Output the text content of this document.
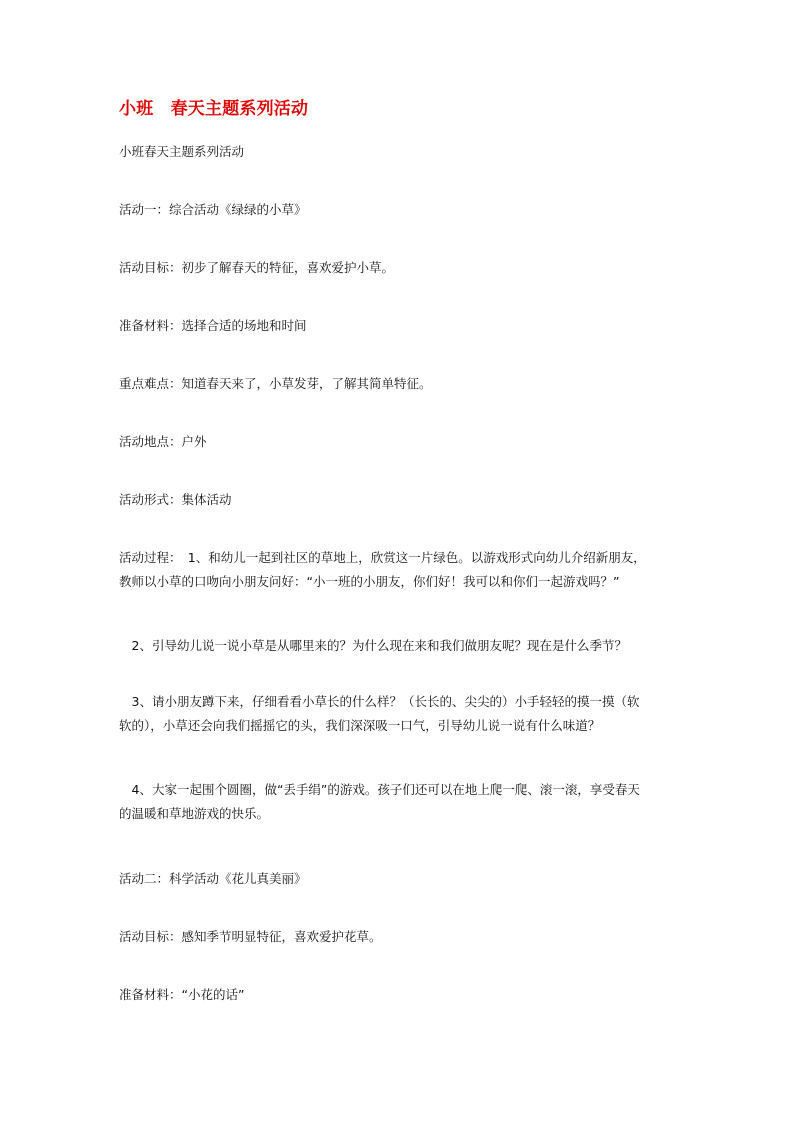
小班　春天主题系列活动
小班春天主题系列活动
活动一：综合活动《绿绿的小草》
活动目标：初步了解春天的特征，喜欢爱护小草。
准备材料：选择合适的场地和时间
重点难点：知道春天来了，小草发芽，了解其简单特征。
活动地点：户外
活动形式：集体活动
活动过程：　1、和幼儿一起到社区的草地上，欣赏这一片绿色。以游戏形式向幼儿介绍新朋友，
教师以小草的口吻向小朋友问好：“小一班的小朋友，你们好！我可以和你们一起游戏吗？”
　2、引导幼儿说一说小草是从哪里来的？为什么现在来和我们做朋友呢？现在是什么季节？
　3、请小朋友蹲下来，仔细看看小草长的什么样？（长长的、尖尖的）小手轻轻的摸一摸（软
软的），小草还会向我们摇摇它的头，我们深深吸一口气，引导幼儿说一说有什么味道？
　4、大家一起围个圆圈，做“丢手绢”的游戏。孩子们还可以在地上爬一爬、滚一滚，享受春天
的温暖和草地游戏的快乐。
活动二：科学活动《花儿真美丽》
活动目标：感知季节明显特征，喜欢爱护花草。
准备材料：“小花的话”
